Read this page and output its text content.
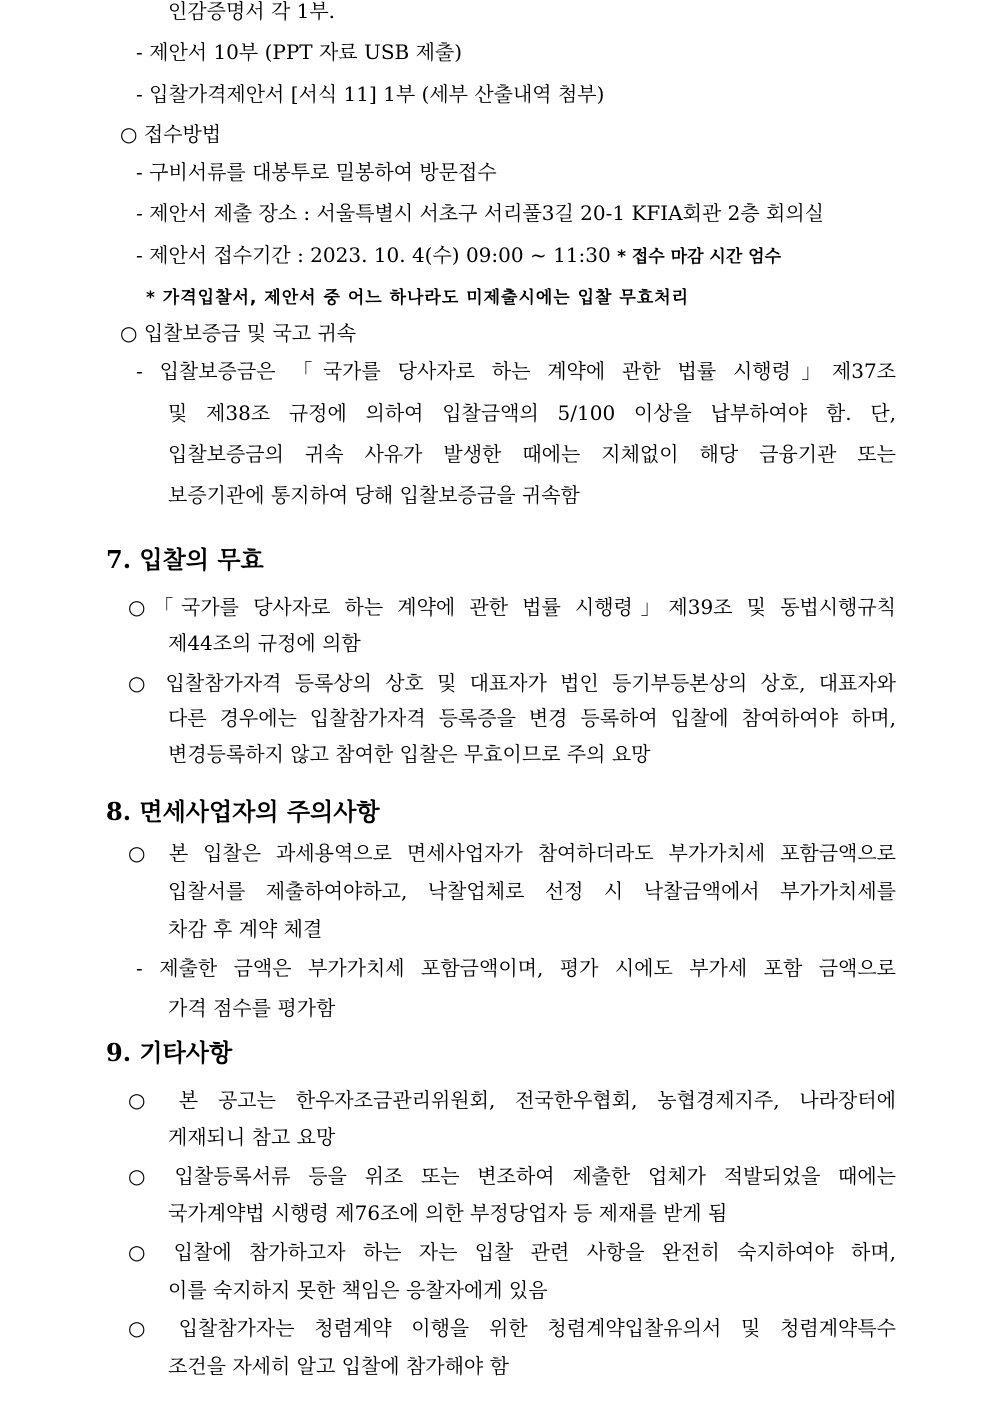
인감증명서 각 1부.
- 제안서 10부 (PPT 자료 USB 제출)
- 입찰가격제안서 [서식 11] 1부 (세부 산출내역 첨부)
○ 접수방법
- 구비서류를 대봉투로 밀봉하여 방문접수
- 제안서 제출 장소 : 서울특별시 서초구 서리풀3길 20-1 KFIA회관 2층 회의실
- 제안서 접수기간 : 2023. 10. 4(수) 09:00 ~ 11:30 * 접수 마감 시간 엄수
* 가격입찰서, 제안서 중 어느 하나라도 미제출시에는 입찰 무효처리
○ 입찰보증금 및 국고 귀속
- 입찰보증금은 「국가를 당사자로 하는 계약에 관한 법률 시행령」제37조
및 제38조 규정에 의하여 입찰금액의 5/100 이상을 납부하여야 함. 단,
입찰보증금의 귀속 사유가 발생한 때에는 지체없이 해당 금융기관 또는
보증기관에 통지하여 당해 입찰보증금을 귀속함
7. 입찰의 무효
○「국가를 당사자로 하는 계약에 관한 법률 시행령」제39조 및 동법시행규칙
제44조의 규정에 의함
○ 입찰참가자격 등록상의 상호 및 대표자가 법인 등기부등본상의 상호, 대표자와
다른 경우에는 입찰참가자격 등록증을 변경 등록하여 입찰에 참여하여야 하며,
변경등록하지 않고 참여한 입찰은 무효이므로 주의 요망
8. 면세사업자의 주의사항
○ 본 입찰은 과세용역으로 면세사업자가 참여하더라도 부가가치세 포함금액으로
입찰서를 제출하여야하고, 낙찰업체로 선정 시 낙찰금액에서 부가가치세를
차감 후 계약 체결
- 제출한 금액은 부가가치세 포함금액이며, 평가 시에도 부가세 포함 금액으로
가격 점수를 평가함
9. 기타사항
○ 본 공고는 한우자조금관리위원회, 전국한우협회, 농협경제지주, 나라장터에
게재되니 참고 요망
○ 입찰등록서류 등을 위조 또는 변조하여 제출한 업체가 적발되었을 때에는
국가계약법 시행령 제76조에 의한 부정당업자 등 제재를 받게 됨
○ 입찰에 참가하고자 하는 자는 입찰 관련 사항을 완전히 숙지하여야 하며,
이를 숙지하지 못한 책임은 응찰자에게 있음
○ 입찰참가자는 청렴계약 이행을 위한 청렴계약입찰유의서 및 청렴계약특수
조건을 자세히 알고 입찰에 참가해야 함
